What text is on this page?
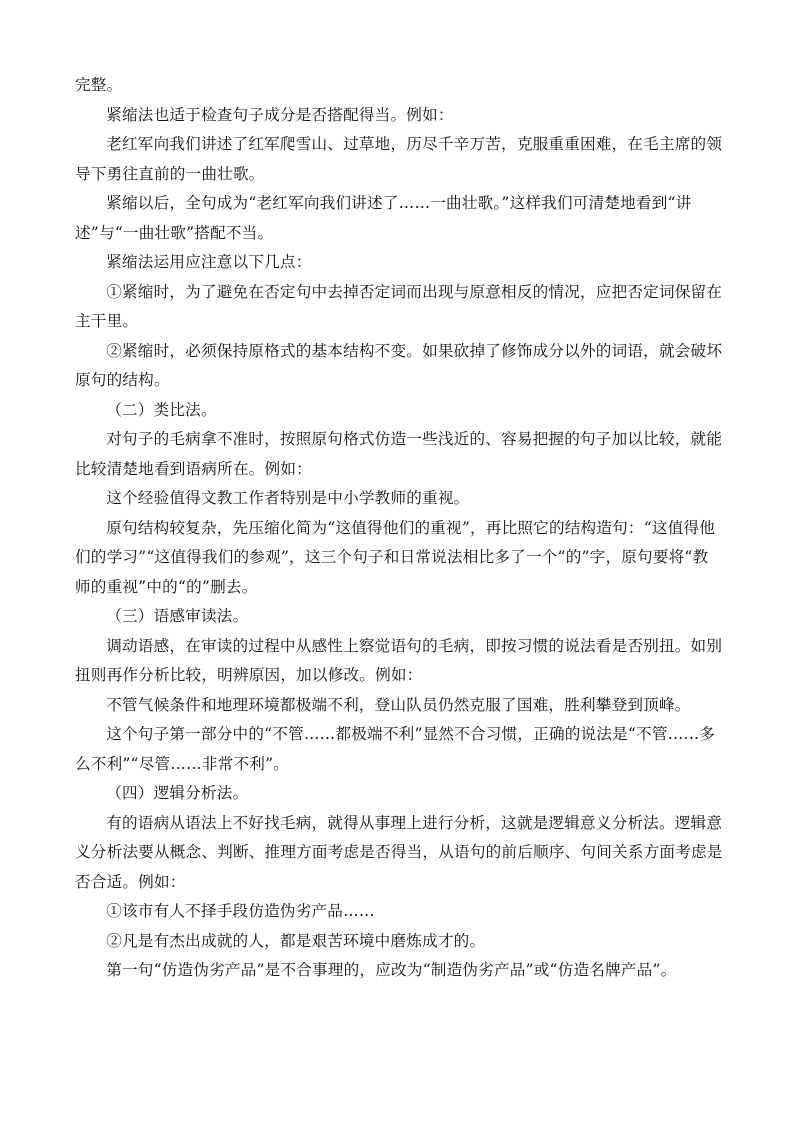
完整。

紧缩法也适于检查句子成分是否搭配得当。例如：

老红军向我们讲述了红军爬雪山、过草地，历尽千辛万苦，克服重重困难，在毛主席的领导下勇往直前的一曲壮歌。

紧缩以后，全句成为“老红军向我们讲述了……一曲壮歌。”这样我们可清楚地看到“讲述”与“一曲壮歌”搭配不当。

紧缩法运用应注意以下几点：

①紧缩时，为了避免在否定句中去掉否定词而出现与原意相反的情况，应把否定词保留在主干里。

②紧缩时，必须保持原格式的基本结构不变。如果砍掉了修饰成分以外的词语，就会破坏原句的结构。

（二）类比法。

对句子的毛病拿不准时，按照原句格式仿造一些浅近的、容易把握的句子加以比较，就能比较清楚地看到语病所在。例如：

这个经验值得文教工作者特别是中小学教师的重视。

原句结构较复杂，先压缩化简为“这值得他们的重视”，再比照它的结构造句：“这值得他们的学习”“这值得我们的参观”，这三个句子和日常说法相比多了一个“的”字，原句要将“教师的重视”中的“的”删去。

（三）语感审读法。

调动语感，在审读的过程中从感性上察觉语句的毛病，即按习惯的说法看是否别扭。如别扭则再作分析比较，明辨原因，加以修改。例如：

不管气候条件和地理环境都极端不利，登山队员仍然克服了国难，胜利攀登到顶峰。

这个句子第一部分中的“不管……都极端不利”显然不合习惯，正确的说法是“不管……多么不利”“尽管……非常不利”。

（四）逻辑分析法。

有的语病从语法上不好找毛病，就得从事理上进行分析，这就是逻辑意义分析法。逻辑意义分析法要从概念、判断、推理方面考虑是否得当，从语句的前后顺序、句间关系方面考虑是否合适。例如：

①该市有人不择手段仿造伪劣产品……

②凡是有杰出成就的人，都是艰苦环境中磨炼成才的。

第一句“仿造伪劣产品”是不合事理的，应改为“制造伪劣产品”或“仿造名牌产品”。
